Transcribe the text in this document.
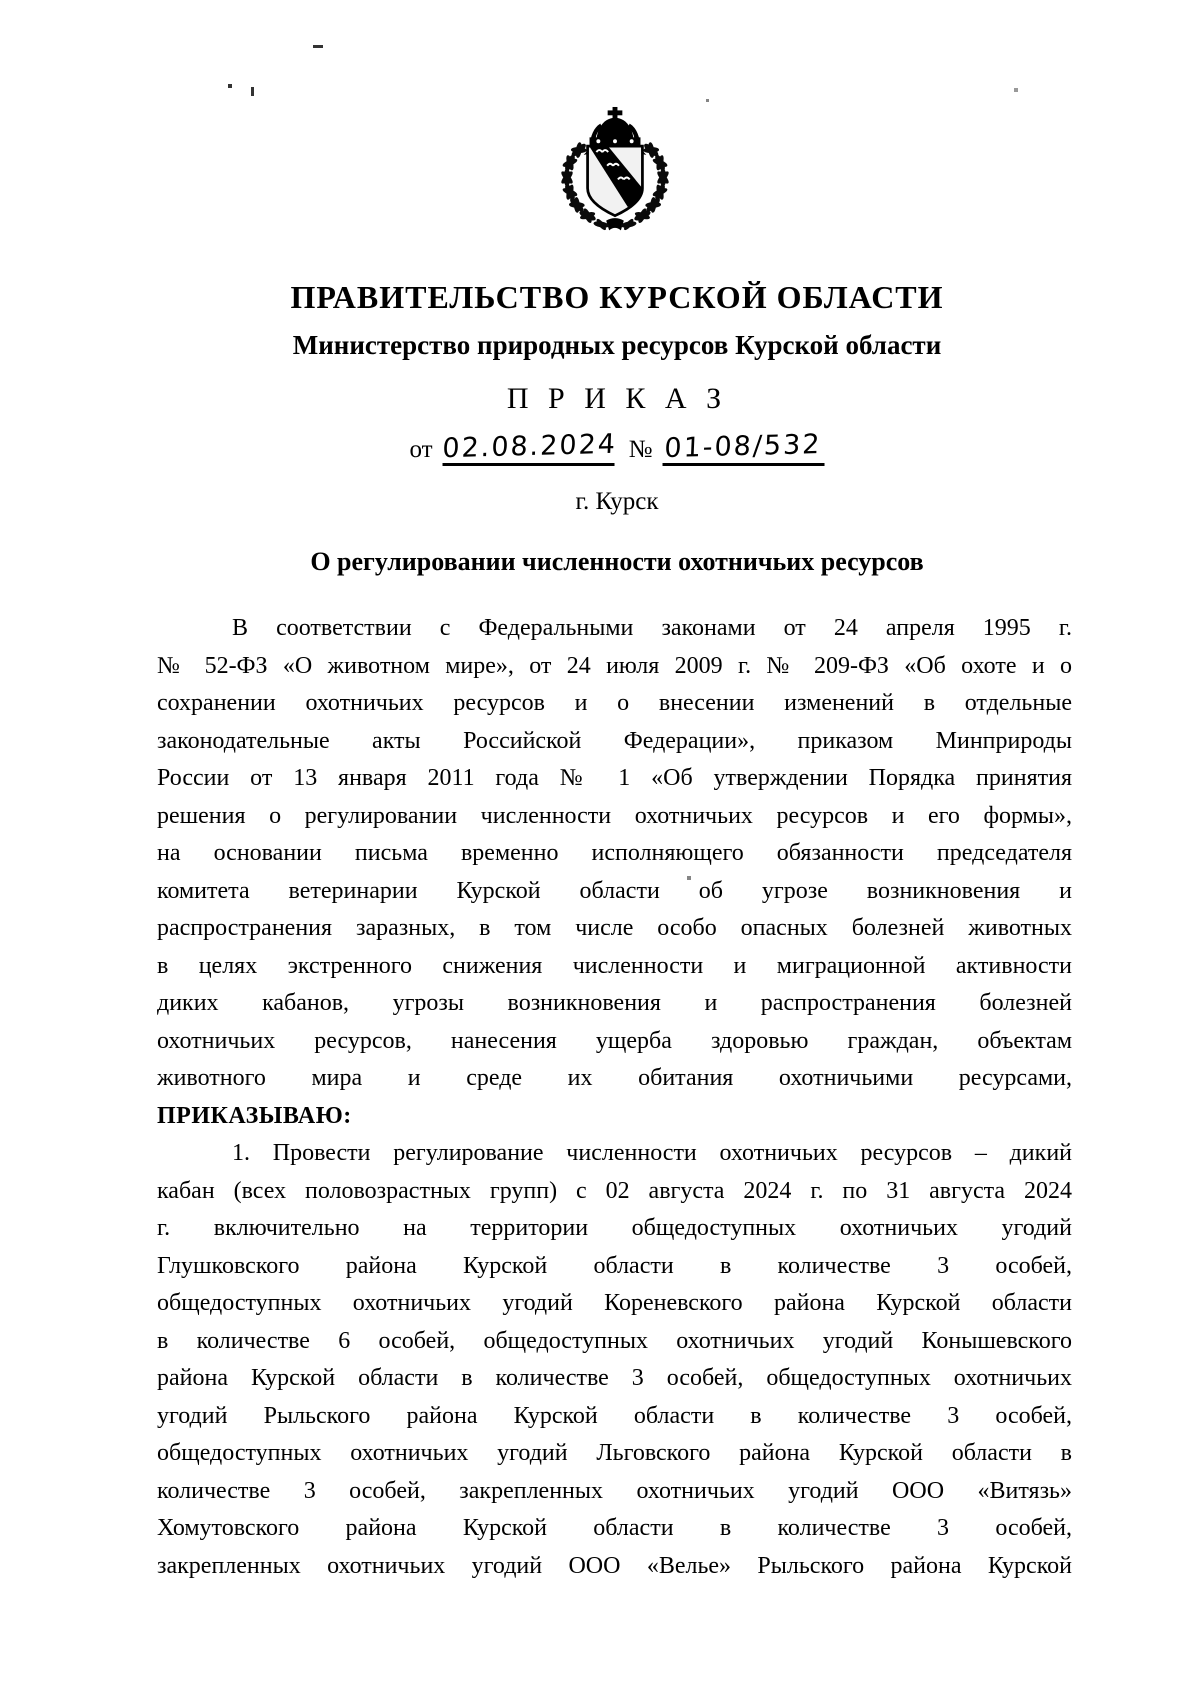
ПРАВИТЕЛЬСТВО КУРСКОЙ ОБЛАСТИ
Министерство природных ресурсов Курской области
П Р И К А З
от 02.08.2024 № 01-08/532
г. Курск
О регулировании численности охотничьих ресурсов
В соответствии с Федеральными законами от 24 апреля 1995 г.
№ 52-ФЗ «О животном мире», от 24 июля 2009 г. № 209-ФЗ «Об охоте и о
сохранении охотничьих ресурсов и о внесении изменений в отдельные
законодательные акты Российской Федерации», приказом Минприроды
России от 13 января 2011 года № 1 «Об утверждении Порядка принятия
решения о регулировании численности охотничьих ресурсов и его формы»,
на основании письма временно исполняющего обязанности председателя
комитета ветеринарии Курской области об угрозе возникновения и
распространения заразных, в том числе особо опасных болезней животных
в целях экстренного снижения численности и миграционной активности
диких кабанов, угрозы возникновения и распространения болезней
охотничьих ресурсов, нанесения ущерба здоровью граждан, объектам
животного мира и среде их обитания охотничьими ресурсами,
ПРИКАЗЫВАЮ:
1. Провести регулирование численности охотничьих ресурсов – дикий
кабан (всех половозрастных групп) с 02 августа 2024 г. по 31 августа 2024
г. включительно на территории общедоступных охотничьих угодий
Глушковского района Курской области в количестве 3 особей,
общедоступных охотничьих угодий Кореневского района Курской области
в количестве 6 особей, общедоступных охотничьих угодий Конышевского
района Курской области в количестве 3 особей, общедоступных охотничьих
угодий Рыльского района Курской области в количестве 3 особей,
общедоступных охотничьих угодий Льговского района Курской области в
количестве 3 особей, закрепленных охотничьих угодий ООО «Витязь»
Хомутовского района Курской области в количестве 3 особей,
закрепленных охотничьих угодий ООО «Велье» Рыльского района Курской
